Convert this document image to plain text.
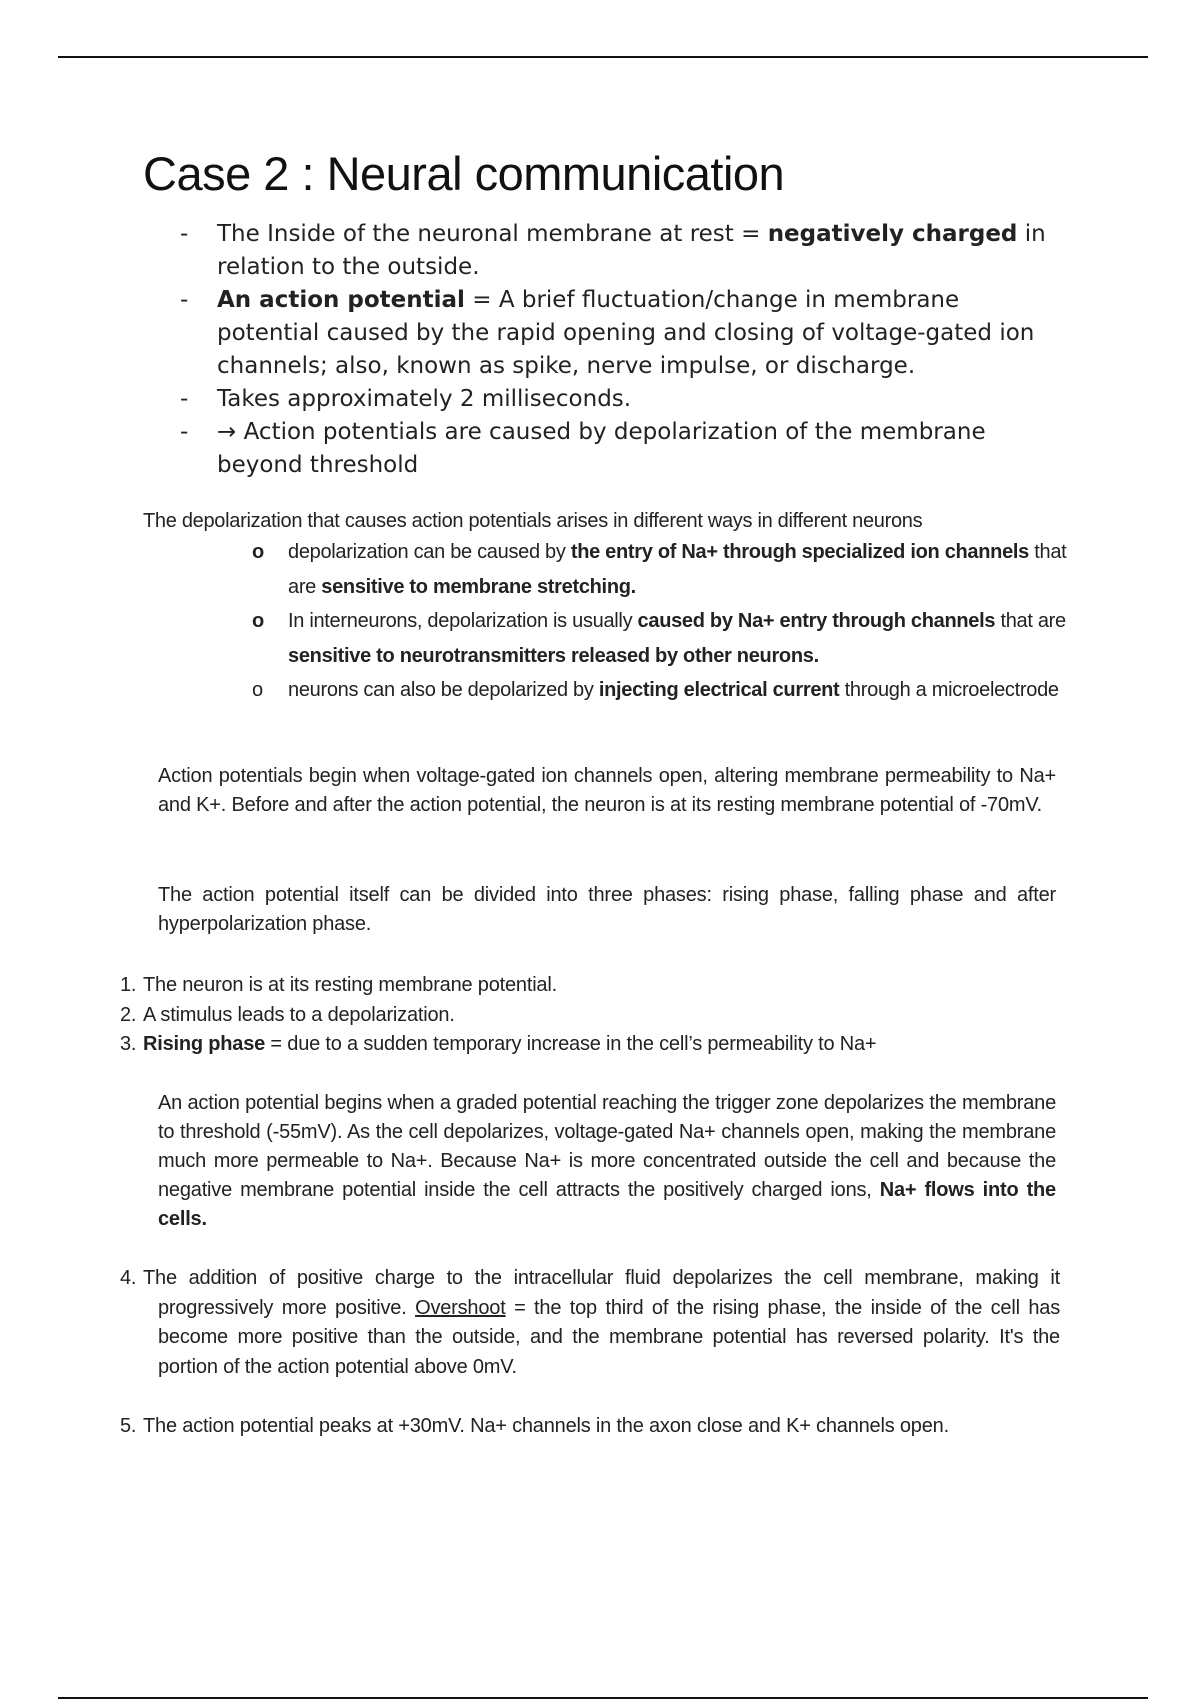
Case 2 : Neural communication
- The Inside of the neuronal membrane at rest = negatively charged in relation to the outside.
- An action potential = A brief fluctuation/change in membrane potential caused by the rapid opening and closing of voltage-gated ion channels; also, known as spike, nerve impulse, or discharge.
- Takes approximately 2 milliseconds.
- → Action potentials are caused by depolarization of the membrane beyond threshold

The depolarization that causes action potentials arises in different ways in different neurons

o depolarization can be caused by the entry of Na+ through specialized ion channels that are sensitive to membrane stretching.
o In interneurons, depolarization is usually caused by Na+ entry through channels that are sensitive to neurotransmitters released by other neurons.
o neurons can also be depolarized by injecting electrical current through a microelectrode

Action potentials begin when voltage-gated ion channels open, altering membrane permeability to Na+ and K+. Before and after the action potential, the neuron is at its resting membrane potential of -70mV.

The action potential itself can be divided into three phases: rising phase, falling phase and after hyperpolarization phase.

1. The neuron is at its resting membrane potential.
2. A stimulus leads to a depolarization.
3. Rising phase = due to a sudden temporary increase in the cell’s permeability to Na+

An action potential begins when a graded potential reaching the trigger zone depolarizes the membrane to threshold (-55mV). As the cell depolarizes, voltage-gated Na+ channels open, making the membrane much more permeable to Na+. Because Na+ is more concentrated outside the cell and because the negative membrane potential inside the cell attracts the positively charged ions, Na+ flows into the cells.

4. The addition of positive charge to the intracellular fluid depolarizes the cell membrane, making it progressively more positive. Overshoot = the top third of the rising phase, the inside of the cell has become more positive than the outside, and the membrane potential has reversed polarity. It's the portion of the action potential above 0mV.
5. The action potential peaks at +30mV. Na+ channels in the axon close and K+ channels open.
